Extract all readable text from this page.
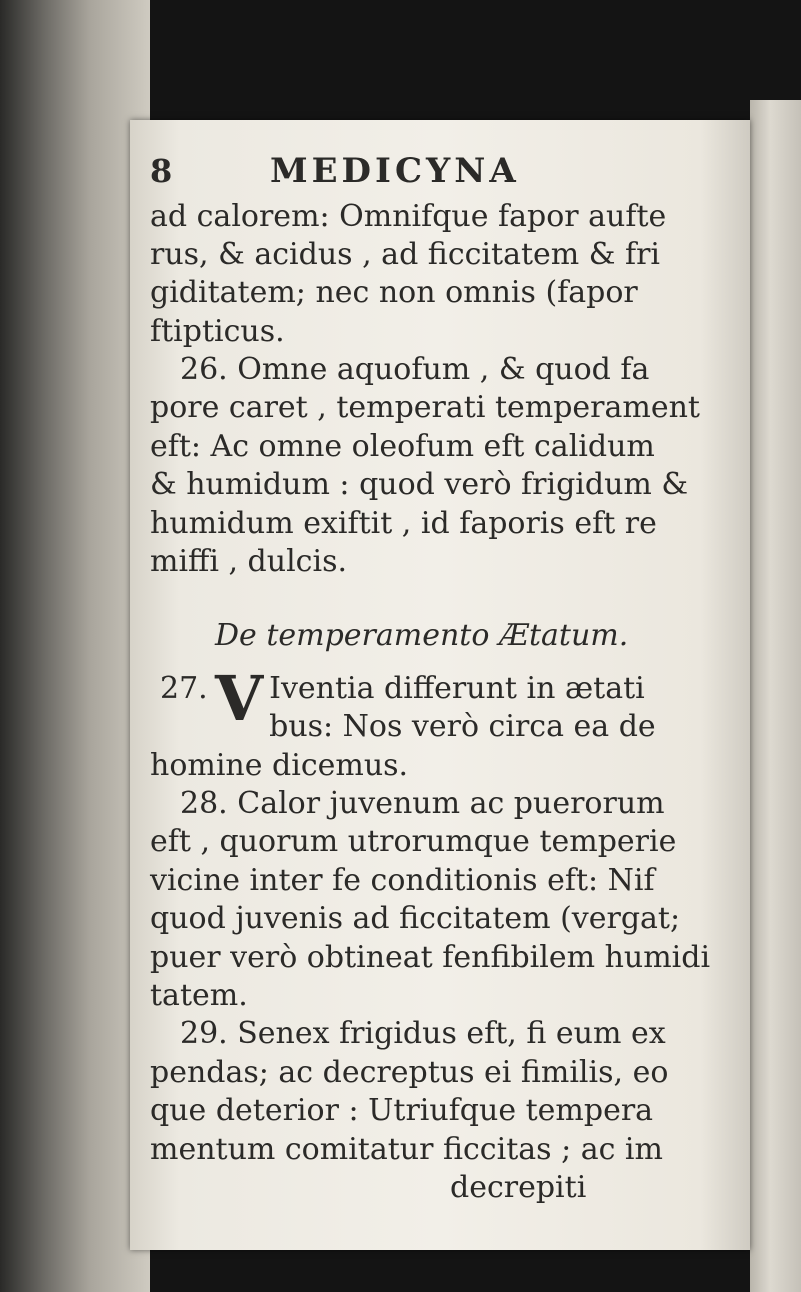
8	MEDICYNA
ad calorem: Omnifque fapor aufte
rus, & acidus , ad ficcitatem & fri
giditatem; nec non omnis (fapor
ftipticus.
26. Omne aquofum , & quod fa
pore caret , temperati temperament
eft: Ac omne oleofum eft calidum
& humidum : quod verò frigidum &
humidum exiftit , id faporis eft re
miffi , dulcis.
De temperamento Ætatum.
27. V Iventia differunt in ætati
bus: Nos verò circa ea de
homine dicemus.
28. Calor juvenum ac puerorum
eft , quorum utrorumque temperie
vicine inter fe conditionis eft: Nif
quod juvenis ad ficcitatem (vergat;
puer verò obtineat fenfibilem humidi
tatem.
29. Senex frigidus eft, fi eum ex
pendas; ac decreptus ei fimilis, eo
que deterior : Utriufque tempera
mentum comitatur ficcitas ; ac im
decrepiti
